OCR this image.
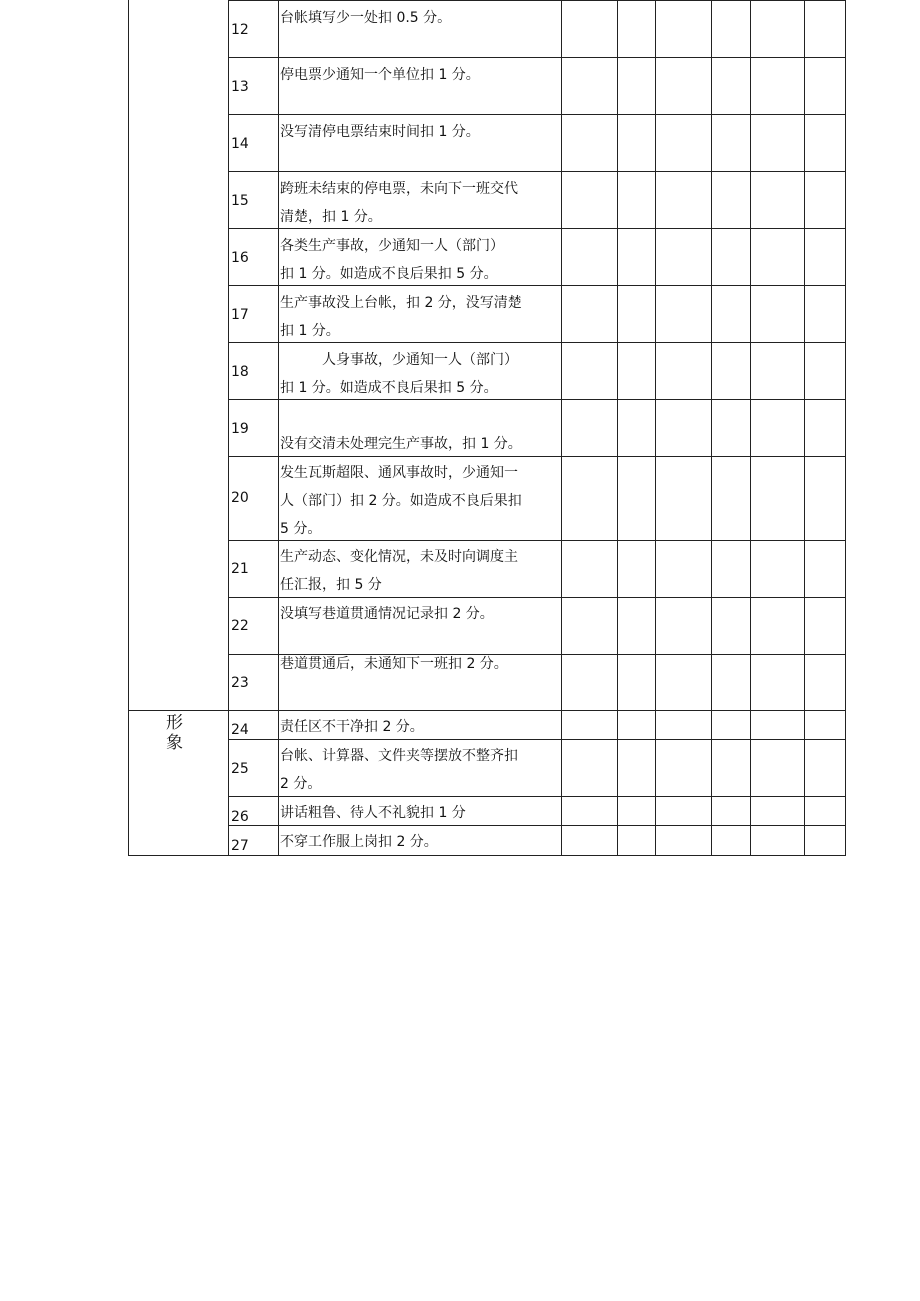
形象
12
台帐填写少一处扣 0.5 分。
13
停电票少通知一个单位扣 1 分。
14
没写清停电票结束时间扣 1 分。
15
跨班未结束的停电票，未向下一班交代
清楚，扣 1 分。
16
各类生产事故，少通知一人（部门）
扣 1 分。如造成不良后果扣 5 分。
17
生产事故没上台帐，扣 2 分，没写清楚
扣 1 分。
18
人身事故，少通知一人（部门）
扣 1 分。如造成不良后果扣 5 分。
19
没有交清未处理完生产事故，扣 1 分。
20
发生瓦斯超限、通风事故时，少通知一
人（部门）扣 2 分。如造成不良后果扣
5 分。
21
生产动态、变化情况，未及时向调度主
任汇报，扣 5 分
22
没填写巷道贯通情况记录扣 2 分。
23
巷道贯通后，未通知下一班扣 2 分。
24 责任区不干净扣 2 分。
25
台帐、计算器、文件夹等摆放不整齐扣
2 分。
26 讲话粗鲁、待人不礼貌扣 1 分
27 不穿工作服上岗扣 2 分。
